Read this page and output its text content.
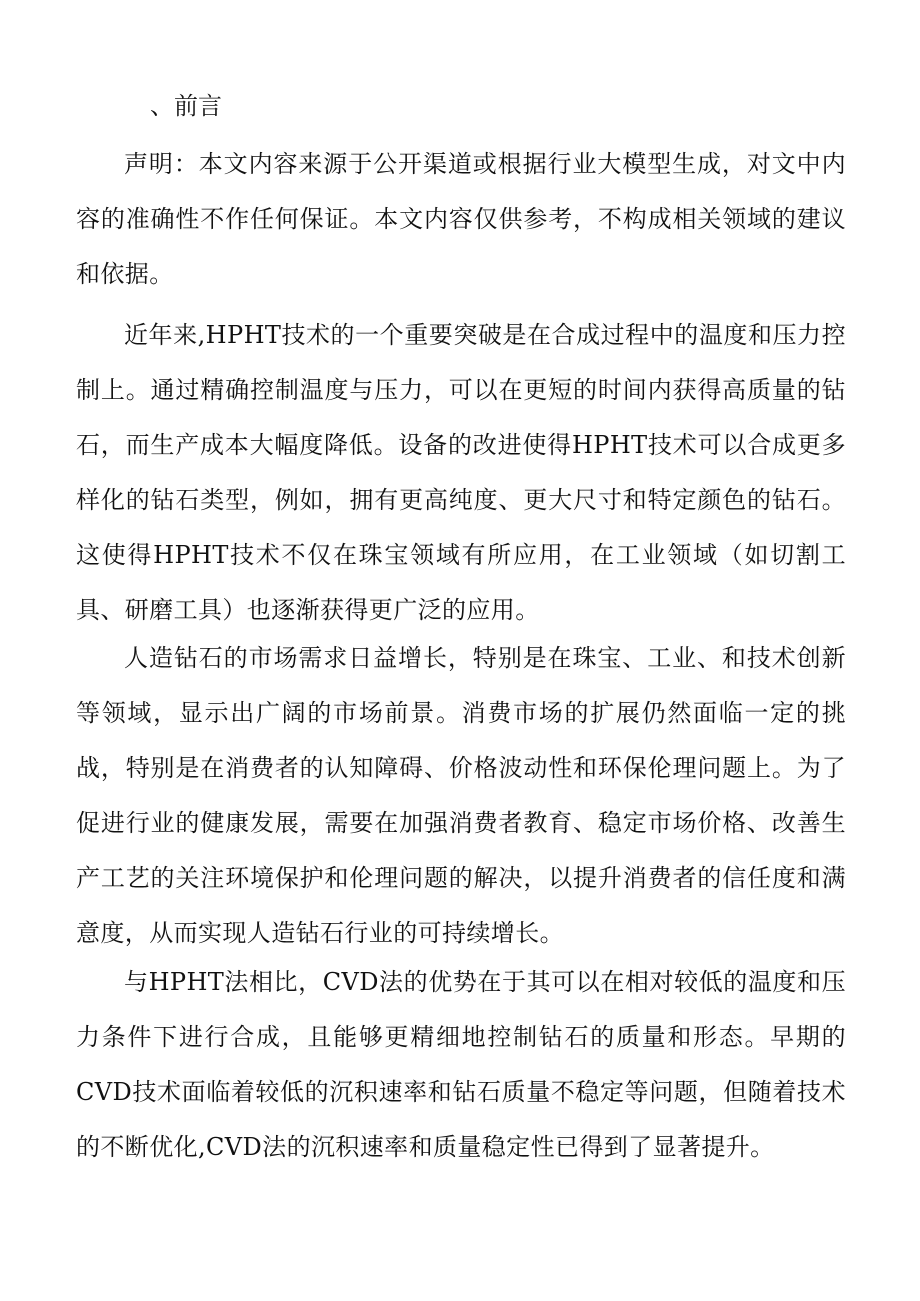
、前言

声明：本文内容来源于公开渠道或根据行业大模型生成，对文中内容的准确性不作任何保证。本文内容仅供参考，不构成相关领域的建议和依据。

近年来,HPHT技术的一个重要突破是在合成过程中的温度和压力控制上。通过精确控制温度与压力，可以在更短的时间内获得高质量的钻石，而生产成本大幅度降低。设备的改进使得HPHT技术可以合成更多样化的钻石类型，例如，拥有更高纯度、更大尺寸和特定颜色的钻石。这使得HPHT技术不仅在珠宝领域有所应用，在工业领域（如切割工具、研磨工具）也逐渐获得更广泛的应用。

人造钻石的市场需求日益增长，特别是在珠宝、工业、和技术创新等领域，显示出广阔的市场前景。消费市场的扩展仍然面临一定的挑战，特别是在消费者的认知障碍、价格波动性和环保伦理问题上。为了促进行业的健康发展，需要在加强消费者教育、稳定市场价格、改善生产工艺的关注环境保护和伦理问题的解决，以提升消费者的信任度和满意度，从而实现人造钻石行业的可持续增长。

与HPHT法相比，CVD法的优势在于其可以在相对较低的温度和压力条件下进行合成，且能够更精细地控制钻石的质量和形态。早期的CVD技术面临着较低的沉积速率和钻石质量不稳定等问题，但随着技术的不断优化,CVD法的沉积速率和质量稳定性已得到了显著提升。
